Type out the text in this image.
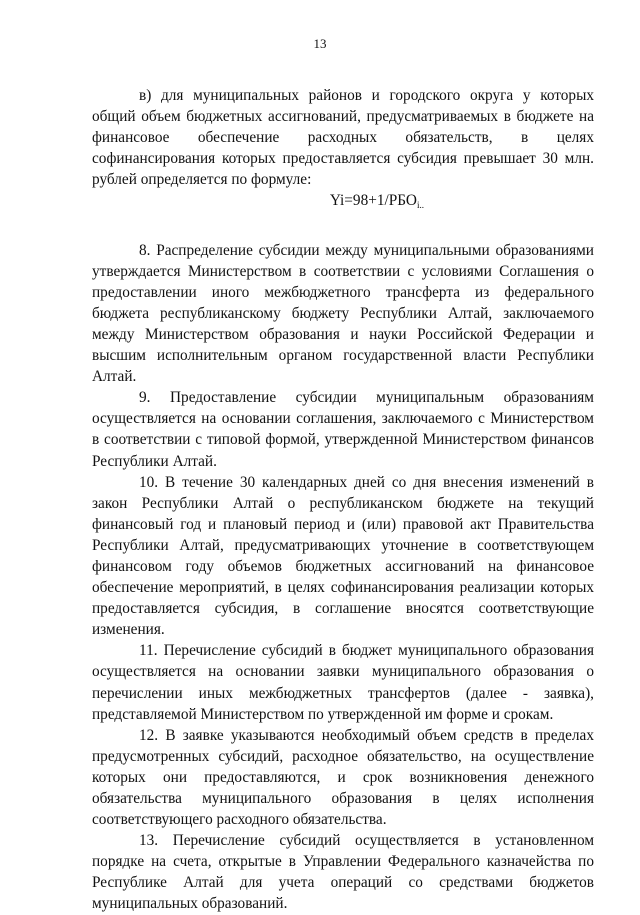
13

в) для муниципальных районов и городского округа у которых общий объем бюджетных ассигнований, предусматриваемых в бюджете на финансовое обеспечение расходных обязательств, в целях софинансирования которых предоставляется субсидия превышает 30 млн. рублей определяется по формуле:

$Yi=98+1/РБО_{i..}$

8. Распределение субсидии между муниципальными образованиями утверждается Министерством в соответствии с условиями Соглашения о предоставлении иного межбюджетного трансферта из федерального бюджета республиканскому бюджету Республики Алтай, заключаемого между Министерством образования и науки Российской Федерации и высшим исполнительным органом государственной власти Республики Алтай.

9. Предоставление субсидии муниципальным образованиям осуществляется на основании соглашения, заключаемого с Министерством в соответствии с типовой формой, утвержденной Министерством финансов Республики Алтай.

10. В течение 30 календарных дней со дня внесения изменений в закон Республики Алтай о республиканском бюджете на текущий финансовый год и плановый период и (или) правовой акт Правительства Республики Алтай, предусматривающих уточнение в соответствующем финансовом году объемов бюджетных ассигнований на финансовое обеспечение мероприятий, в целях софинансирования реализации которых предоставляется субсидия, в соглашение вносятся соответствующие изменения.

11. Перечисление субсидий в бюджет муниципального образования осуществляется на основании заявки муниципального образования о перечислении иных межбюджетных трансфертов (далее - заявка), представляемой Министерством по утвержденной им форме и срокам.

12. В заявке указываются необходимый объем средств в пределах предусмотренных субсидий, расходное обязательство, на осуществление которых они предоставляются, и срок возникновения денежного обязательства муниципального образования в целях исполнения соответствующего расходного обязательства.

13. Перечисление субсидий осуществляется в установленном порядке на счета, открытые в Управлении Федерального казначейства по Республике Алтай для учета операций со средствами бюджетов муниципальных образований.
